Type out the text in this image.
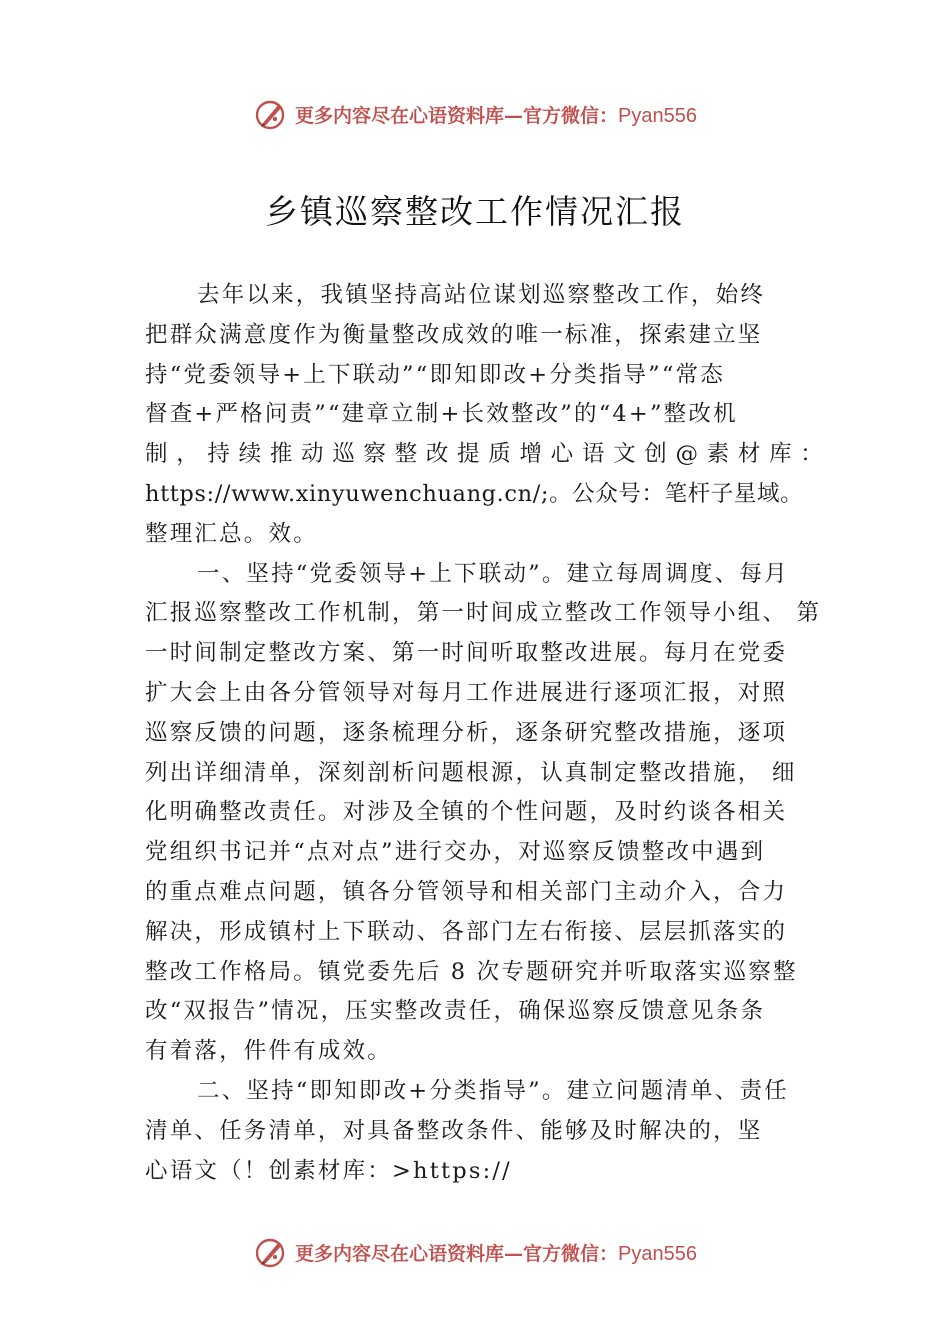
更多内容尽在心语资料库—官方微信：Pyan556
乡镇巡察整改工作情况汇报
去年以来，我镇坚持高站位谋划巡察整改工作，始终
把群众满意度作为衡量整改成效的唯一标准，探索建立坚
持“党委领导+上下联动”“即知即改+分类指导”“常态
督查+严格问责”“建章立制+长效整改”的“4+”整改机
制，持续推动巡察整改提质增心语文创@素材库：
https://www.xinyuwenchuang.cn/;。公众号：笔杆子星域。
整理汇总。效。
一、坚持“党委领导+上下联动”。建立每周调度、每月
汇报巡察整改工作机制，第一时间成立整改工作领导小组、 第
一时间制定整改方案、第一时间听取整改进展。每月在党委
扩大会上由各分管领导对每月工作进展进行逐项汇报，对照
巡察反馈的问题，逐条梳理分析，逐条研究整改措施，逐项
列出详细清单，深刻剖析问题根源，认真制定整改措施， 细
化明确整改责任。对涉及全镇的个性问题，及时约谈各相关
党组织书记并“点对点”进行交办，对巡察反馈整改中遇到
的重点难点问题，镇各分管领导和相关部门主动介入，合力
解决，形成镇村上下联动、各部门左右衔接、层层抓落实的
整改工作格局。镇党委先后 8 次专题研究并听取落实巡察整
改“双报告”情况，压实整改责任，确保巡察反馈意见条条
有着落，件件有成效。
二、坚持“即知即改+分类指导”。建立问题清单、责任
清单、任务清单，对具备整改条件、能够及时解决的，坚
心语文（！创素材库：>https://
更多内容尽在心语资料库—官方微信：Pyan556
